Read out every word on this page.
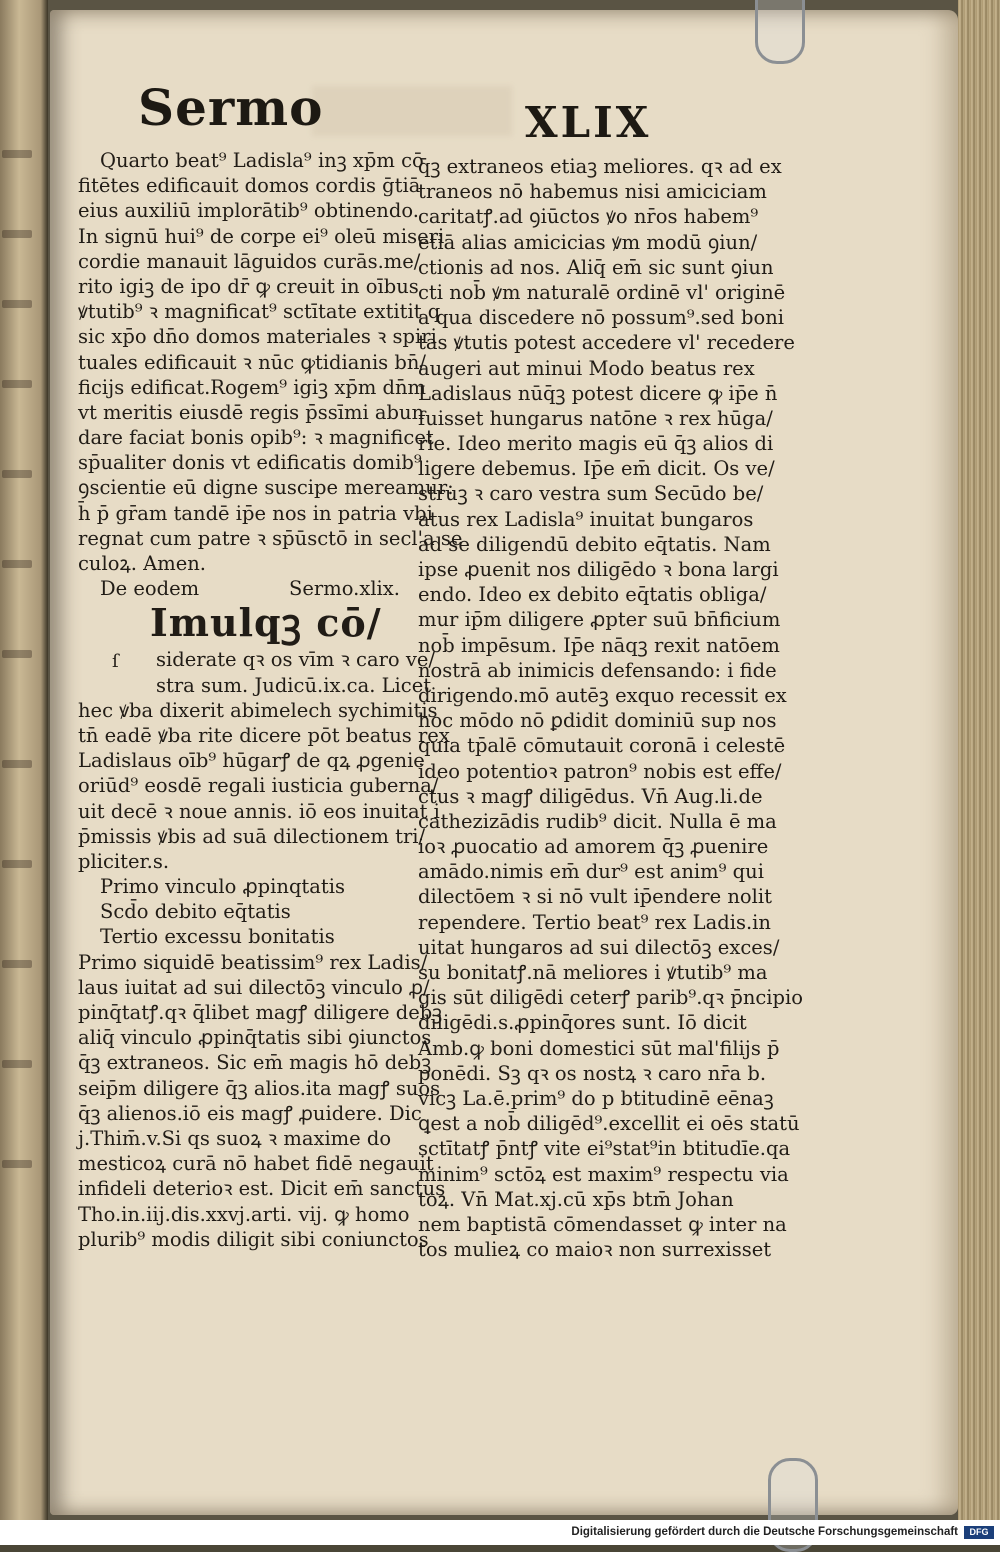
Sermo	XLIX
Quarto beat⁹ Ladisla⁹ inꝫ xp̄m cō
fitētes edificauit domos cordis ḡtiā
eius auxiliū implorātib⁹ obtinendo.
In signū hui⁹ de corpe ei⁹ oleū miseri
cordie manauit lāguidos curās.me/
rito igiꝫ de ipo dr̄ ꝙ creuit in oībus
ꝟtutib⁹ ꝛ magnificat⁹ sctītate extitit q
sic xp̄o dn̄o domos materiales ꝛ spiri
tuales edificauit ꝛ nūc ꝙtidianis bn̄/
ficijs edificat.Rogem⁹ igiꝫ xp̄m dn̄m
vt meritis eiusdē regis p̄ssīmi abun
dare faciat bonis opib⁹: ꝛ magnificet
sp̄ualiter donis vt edificatis domib⁹
ꝯscientie eū digne suscipe mereamur:
h̄ p̄ gr̄am tandē ip̄e nos in patria vbi
regnat cum patre ꝛ sp̄ūsctō in secl'a se
culoꝝ. Amen.
De eodem	Sermo.xlix.
Imulqꝫ cō/
ſ	siderate qꝛ os vīm ꝛ caro ve/
stra sum. Judicū.ix.ca. Licet
hec ꝟba dixerit abimelech sychimitis
tn̄ eadē ꝟba rite dicere pōt beatus rex
Ladislaus oīb⁹ hūgarꝭ de qꝝ ꝓgenie
oriūd⁹ eosdē regali iusticia guberna/
uit decē ꝛ noue annis. iō eos inuitat i
p̄missis ꝟbis ad suā dilectionem tri/
pliciter.s.
Primo vinculo ꝓpinqtatis
Scd̄o debito eq̄tatis
Tertio excessu bonitatis
Primo siquidē beatissim⁹ rex Ladis/
laus iuitat ad sui dilectōꝫ vinculo ꝓ/
pinq̄tatꝭ.qꝛ q̄libet magꝭ diligere debꝫ
aliq̄ vinculo ꝓpinq̄tatis sibi ꝯiunctos
q̄ꝫ extraneos. Sic em̄ magis hō debꝫ
seip̄m diligere q̄ꝫ alios.ita magꝭ suos
q̄ꝫ alienos.iō eis magꝭ ꝓuidere. Dic
j.Thim̄.v.Si qs suoꝝ ꝛ maxime do
mesticoꝝ curā nō habet fidē negauit
infideli deterioꝛ est. Dicit em̄ sanctus
Tho.in.iij.dis.xxvj.arti. vij. ꝙ homo
plurib⁹ modis diligit sibi coniunctos
q̄ꝫ extraneos etiaꝫ meliores. qꝛ ad ex
traneos nō habemus nisi amiciciam
caritatꝭ.ad ꝯiūctos ꝟo nr̄os habem⁹
etiā alias amicicias ꝟm modū ꝯiun/
ctionis ad nos. Aliq̄ em̄ sic sunt ꝯiun
cti nob̄ ꝟm naturalē ordinē vl' originē
a qua discedere nō possum⁹.sed boni
tas ꝟtutis potest accedere vl' recedere
augeri aut minui Modo beatus rex
Ladislaus nūq̄ꝫ potest dicere ꝙ ip̄e n̄
fuisset hungarus natōne ꝛ rex hūga/
rie. Ideo merito magis eū q̄ꝫ alios di
ligere debemus. Ip̄e em̄ dicit. Os ve/
struꝫ ꝛ caro vestra sum Secūdo be/
atus rex Ladisla⁹ inuitat bungaros
ad se diligendū debito eq̄tatis. Nam
ipse ꝓuenit nos diligēdo ꝛ bona largi
endo. Ideo ex debito eq̄tatis obliga/
mur ip̄m diligere ꝓpter suū bn̄ficium
nob̄ impēsum. Ip̄e nāqꝫ rexit natōem
nostrā ab inimicis defensando: i fide
dirigendo.mō autēꝫ exquo recessit ex
hoc mōdo nō ꝑdidit dominiū sup nos
quia tp̄alē cōmutauit coronā i celestē
ideo potentioꝛ patron⁹ nobis est effe/
ctus ꝛ magꝭ diligēdus. Vn̄ Aug.li.de
cathezizādis rudib⁹ dicit. Nulla ē ma
ioꝛ ꝓuocatio ad amorem q̄ꝫ ꝓuenire
amādo.nimis em̄ dur⁹ est anim⁹ qui
dilectōem ꝛ si nō vult ip̄endere nolit
rependere. Tertio beat⁹ rex Ladis.in
uitat hungaros ad sui dilectōꝫ exces/
su bonitatꝭ.nā meliores i ꝟtutib⁹ ma
gis sūt diligēdi ceterꝭ parib⁹.qꝛ p̄ncipio
diligēdi.s.ꝓpinq̄ores sunt. Iō dicit
Amb.ꝙ boni domestici sūt mal'filijs p̄
ponēdi. Sꝫ qꝛ os nostꝝ ꝛ caro nr̄a b.
vicꝫ La.ē.prim⁹ do p btitudinē eēnaꝫ
ꝗest a nob̄ diligēd⁹.excellit ei oēs statū
sctītatꝭ p̄ntꝭ vite ei⁹stat⁹in btitudīe.qa
minim⁹ sctōꝝ est maxim⁹ respectu via
toꝝ. Vn̄ Mat.xj.cū xp̄s btm̄ Johan
nem baptistā cōmendasset ꝙ inter na
tos mulieꝝ co maioꝛ non surrexisset
Digitalisierung gefördert durch die Deutsche Forschungsgemeinschaft	DFG
